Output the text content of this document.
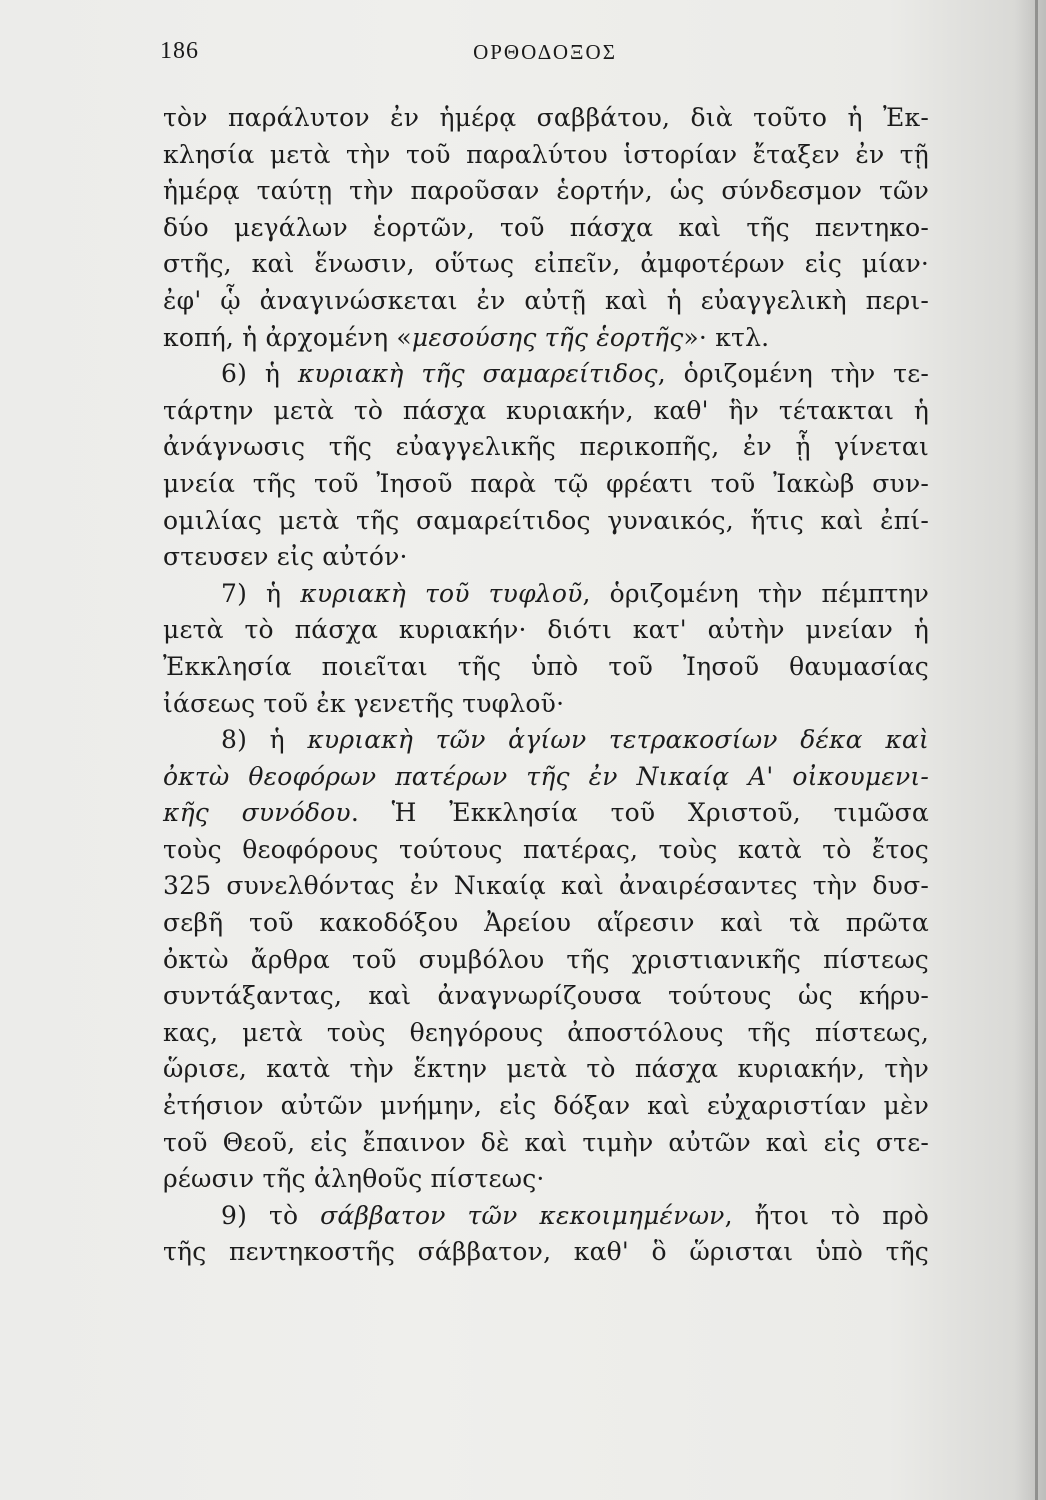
186	ΟΡΘΟΔΟΞΟΣ
τὸν παράλυτον ἐν ἡμέρᾳ σαββάτου, διὰ τοῦτο ἡ Ἐκ-
κλησία μετὰ τὴν τοῦ παραλύτου ἱστορίαν ἔταξεν ἐν τῇ
ἡμέρᾳ ταύτῃ τὴν παροῦσαν ἑορτήν, ὡς σύνδεσμον τῶν
δύο μεγάλων ἑορτῶν, τοῦ πάσχα καὶ τῆς πεντηκο-
στῆς, καὶ ἕνωσιν, οὕτως εἰπεῖν, ἀμφοτέρων εἰς μίαν·
ἐφ' ᾧ ἀναγινώσκεται ἐν αὐτῇ καὶ ἡ εὐαγγελικὴ περι-
κοπή, ἡ ἀρχομένη «μεσούσης τῆς ἑορτῆς»· κτλ.
6) ἡ κυριακὴ τῆς σαμαρείτιδος, ὁριζομένη τὴν τε-
τάρτην μετὰ τὸ πάσχα κυριακήν, καθ' ἣν τέτακται ἡ
ἀνάγνωσις τῆς εὐαγγελικῆς περικοπῆς, ἐν ᾗ γίνεται
μνεία τῆς τοῦ Ἰησοῦ παρὰ τῷ φρέατι τοῦ Ἰακὼβ συν-
ομιλίας μετὰ τῆς σαμαρείτιδος γυναικός, ἥτις καὶ ἐπί-
στευσεν εἰς αὐτόν·
7) ἡ κυριακὴ τοῦ τυφλοῦ, ὁριζομένη τὴν πέμπτην
μετὰ τὸ πάσχα κυριακήν· διότι κατ' αὐτὴν μνείαν ἡ
Ἐκκλησία ποιεῖται τῆς ὑπὸ τοῦ Ἰησοῦ θαυμασίας
ἰάσεως τοῦ ἐκ γενετῆς τυφλοῦ·
8) ἡ κυριακὴ τῶν ἁγίων τετρακοσίων δέκα καὶ
ὀκτὼ θεοφόρων πατέρων τῆς ἐν Νικαίᾳ Α' οἰκουμενι-
κῆς συνόδου. Ἡ Ἐκκλησία τοῦ Χριστοῦ, τιμῶσα
τοὺς θεοφόρους τούτους πατέρας, τοὺς κατὰ τὸ ἔτος
325 συνελθόντας ἐν Νικαίᾳ καὶ ἀναιρέσαντες τὴν δυσ-
σεβῆ τοῦ κακοδόξου Ἀρείου αἵρεσιν καὶ τὰ πρῶτα
ὀκτὼ ἄρθρα τοῦ συμβόλου τῆς χριστιανικῆς πίστεως
συντάξαντας, καὶ ἀναγνωρίζουσα τούτους ὡς κήρυ-
κας, μετὰ τοὺς θεηγόρους ἀποστόλους τῆς πίστεως,
ὥρισε, κατὰ τὴν ἕκτην μετὰ τὸ πάσχα κυριακήν, τὴν
ἐτήσιον αὐτῶν μνήμην, εἰς δόξαν καὶ εὐχαριστίαν μὲν
τοῦ Θεοῦ, εἰς ἔπαινον δὲ καὶ τιμὴν αὐτῶν καὶ εἰς στε-
ρέωσιν τῆς ἀληθοῦς πίστεως·
9) τὸ σάββατον τῶν κεκοιμημένων, ἤτοι τὸ πρὸ
τῆς πεντηκοστῆς σάββατον, καθ' ὃ ὥρισται ὑπὸ τῆς
